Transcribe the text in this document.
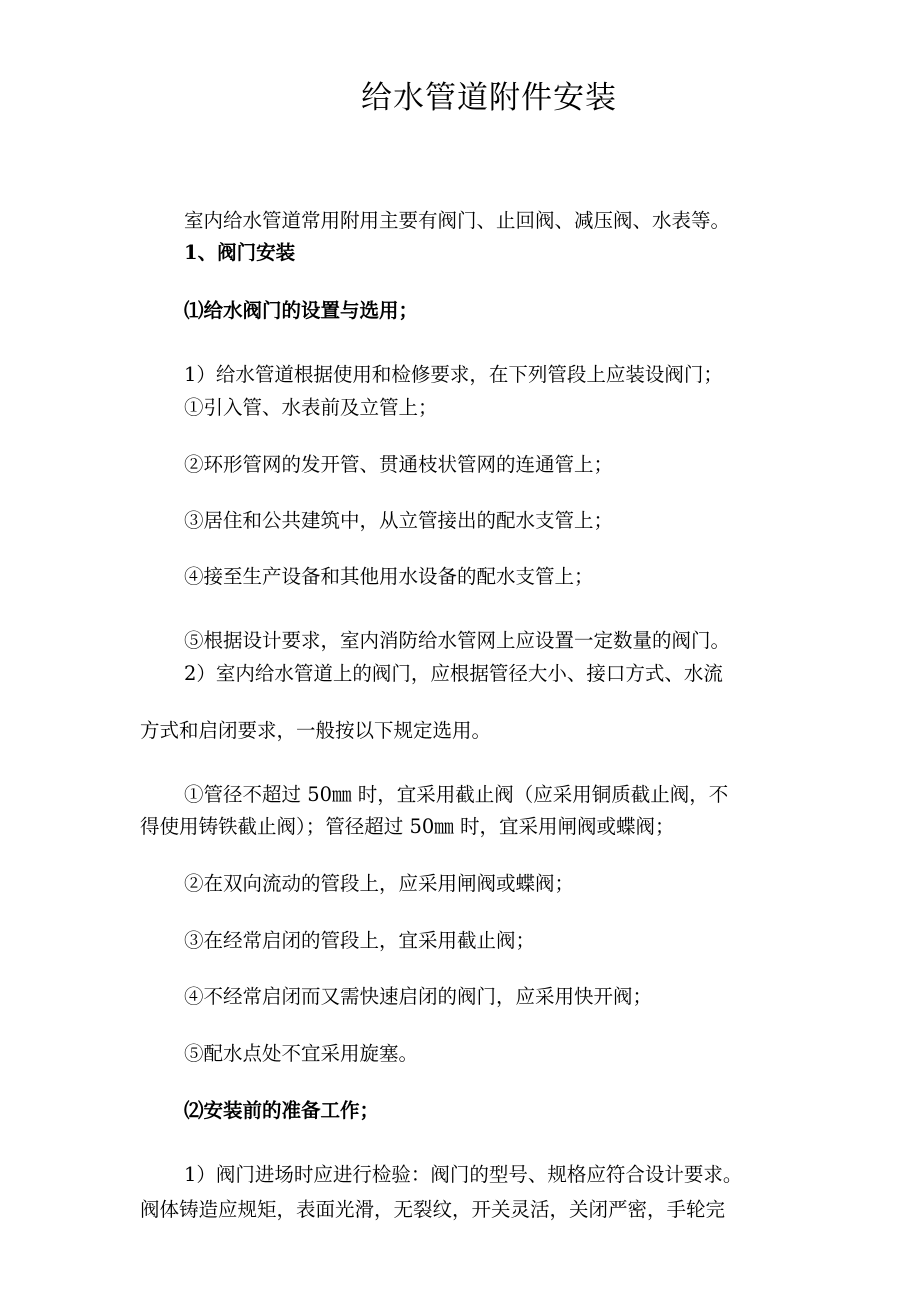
给水管道附件安装
室内给水管道常用附用主要有阀门、止回阀、减压阀、水表等。
1、阀门安装
⑴给水阀门的设置与选用；
1）给水管道根据使用和检修要求，在下列管段上应装设阀门；
①引入管、水表前及立管上；
②环形管网的发开管、贯通枝状管网的连通管上；
③居住和公共建筑中，从立管接出的配水支管上；
④接至生产设备和其他用水设备的配水支管上；
⑤根据设计要求，室内消防给水管网上应设置一定数量的阀门。
2）室内给水管道上的阀门，应根据管径大小、接口方式、水流
方式和启闭要求，一般按以下规定选用。
①管径不超过 50㎜ 时，宜采用截止阀（应采用铜质截止阀，不
得使用铸铁截止阀）；管径超过 50㎜ 时，宜采用闸阀或蝶阀；
②在双向流动的管段上，应采用闸阀或蝶阀；
③在经常启闭的管段上，宜采用截止阀；
④不经常启闭而又需快速启闭的阀门，应采用快开阀；
⑤配水点处不宜采用旋塞。
⑵安装前的准备工作；
1）阀门进场时应进行检验：阀门的型号、规格应符合设计要求。
阀体铸造应规矩，表面光滑，无裂纹，开关灵活，关闭严密，手轮完
